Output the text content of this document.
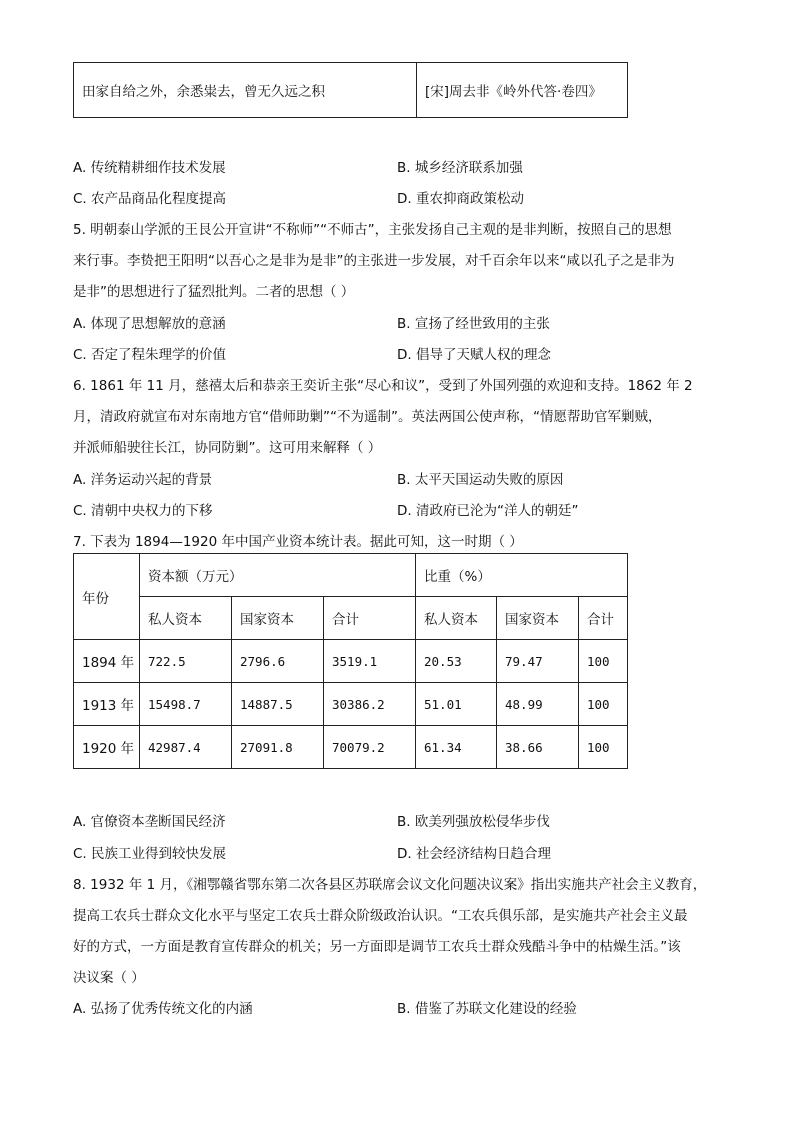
田家自给之外，余悉粜去，曾无久远之积	[宋]周去非《岭外代答·卷四》
A. 传统精耕细作技术发展	B. 城乡经济联系加强
C. 农产品商品化程度提高	D. 重农抑商政策松动
5. 明朝泰山学派的王艮公开宣讲“不称师”“不师古”，主张发扬自己主观的是非判断，按照自己的思想
来行事。李贽把王阳明“以吾心之是非为是非”的主张进一步发展，对千百余年以来“咸以孔子之是非为
是非”的思想进行了猛烈批判。二者的思想（ ）
A. 体现了思想解放的意涵	B. 宣扬了经世致用的主张
C. 否定了程朱理学的价值	D. 倡导了天赋人权的理念
6. 1861 年 11 月，慈禧太后和恭亲王奕䜣主张“尽心和议”，受到了外国列强的欢迎和支持。1862 年 2
月，清政府就宣布对东南地方官“借师助剿”“不为遥制”。英法两国公使声称，“情愿帮助官军剿贼，
并派师船驶往长江，协同防剿”。这可用来解释（ ）
A. 洋务运动兴起的背景	B. 太平天国运动失败的原因
C. 清朝中央权力的下移	D. 清政府已沦为“洋人的朝廷”
7. 下表为 1894—1920 年中国产业资本统计表。据此可知，这一时期（ ）
年份	资本额（万元）			比重（%）		
	私人资本	国家资本	合计	私人资本	国家资本	合计
1894 年	722.5	2796.6	3519.1	20.53	79.47	100
1913 年	15498.7	14887.5	30386.2	51.01	48.99	100
1920 年	42987.4	27091.8	70079.2	61.34	38.66	100
A. 官僚资本垄断国民经济	B. 欧美列强放松侵华步伐
C. 民族工业得到较快发展	D. 社会经济结构日趋合理
8. 1932 年 1 月，《湘鄂赣省鄂东第二次各县区苏联席会议文化问题决议案》指出实施共产社会主义教育，
提高工农兵士群众文化水平与坚定工农兵士群众阶级政治认识。“工农兵俱乐部，是实施共产社会主义最
好的方式，一方面是教育宣传群众的机关；另一方面即是调节工农兵士群众残酷斗争中的枯燥生活。”该
决议案（ ）
A. 弘扬了优秀传统文化的内涵	B. 借鉴了苏联文化建设的经验
